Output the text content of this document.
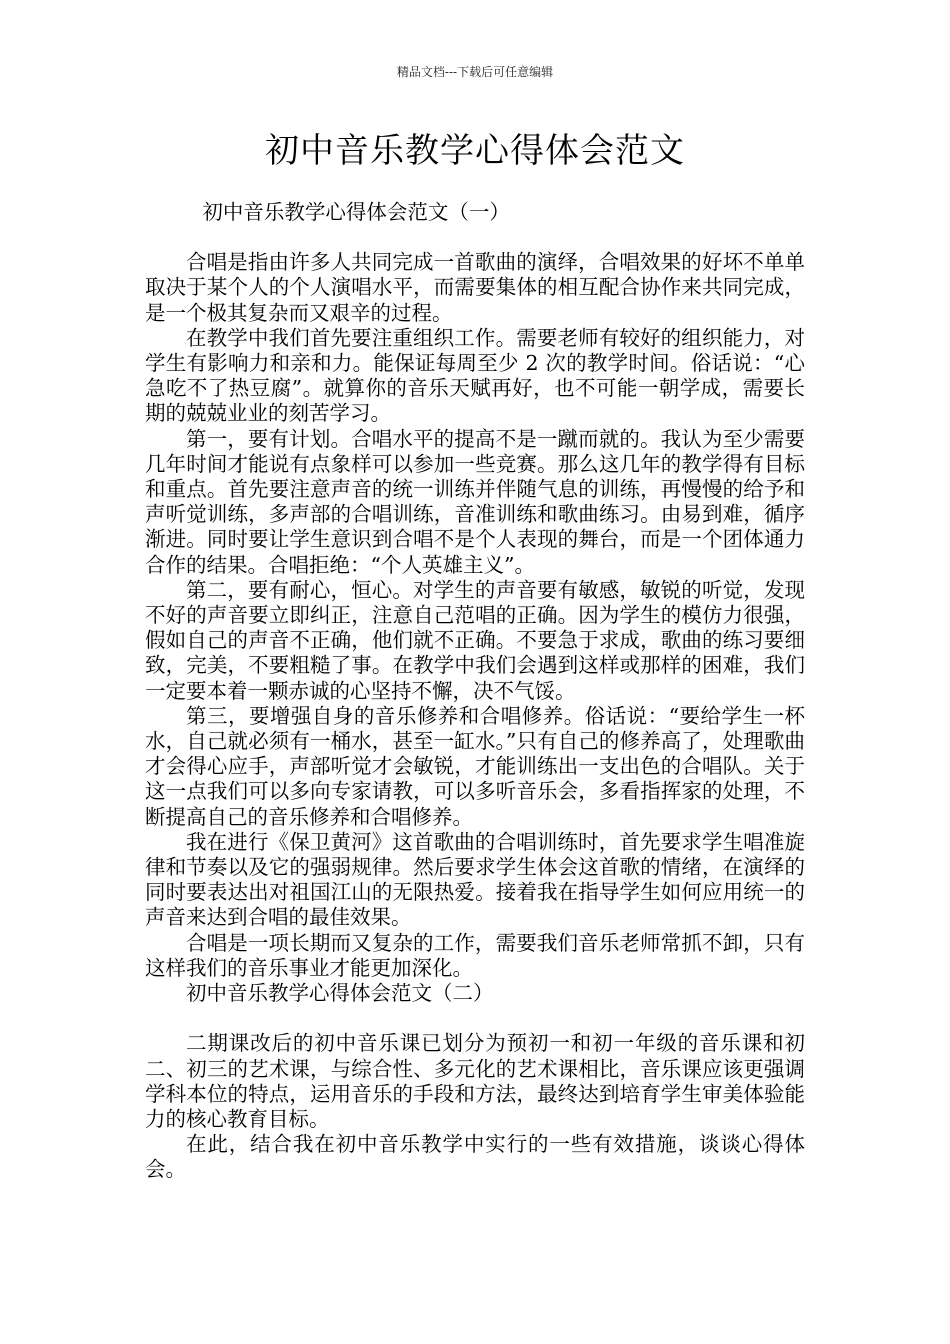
精品文档---下载后可任意编辑
初中音乐教学心得体会范文

初中音乐教学心得体会范文（一）

合唱是指由许多人共同完成一首歌曲的演绎，合唱效果的好坏不单单取决于某个人的个人演唱水平，而需要集体的相互配合协作来共同完成，是一个极其复杂而又艰辛的过程。

在教学中我们首先要注重组织工作。需要老师有较好的组织能力，对学生有影响力和亲和力。能保证每周至少 2 次的教学时间。俗话说：“心急吃不了热豆腐”。就算你的音乐天赋再好，也不可能一朝学成，需要长期的兢兢业业的刻苦学习。

第一，要有计划。合唱水平的提高不是一蹴而就的。我认为至少需要几年时间才能说有点象样可以参加一些竞赛。那么这几年的教学得有目标和重点。首先要注意声音的统一训练并伴随气息的训练，再慢慢的给予和声听觉训练，多声部的合唱训练，音准训练和歌曲练习。由易到难，循序渐进。同时要让学生意识到合唱不是个人表现的舞台，而是一个团体通力合作的结果。合唱拒绝：“个人英雄主义”。

第二，要有耐心，恒心。对学生的声音要有敏感，敏锐的听觉，发现不好的声音要立即纠正，注意自己范唱的正确。因为学生的模仿力很强，假如自己的声音不正确，他们就不正确。不要急于求成，歌曲的练习要细致，完美，不要粗糙了事。在教学中我们会遇到这样或那样的困难，我们一定要本着一颗赤诚的心坚持不懈，决不气馁。

第三，要增强自身的音乐修养和合唱修养。俗话说：“要给学生一杯水，自己就必须有一桶水，甚至一缸水。”只有自己的修养高了，处理歌曲才会得心应手，声部听觉才会敏锐，才能训练出一支出色的合唱队。关于这一点我们可以多向专家请教，可以多听音乐会，多看指挥家的处理，不断提高自己的音乐修养和合唱修养。

我在进行《保卫黄河》这首歌曲的合唱训练时，首先要求学生唱准旋律和节奏以及它的强弱规律。然后要求学生体会这首歌的情绪，在演绎的同时要表达出对祖国江山的无限热爱。接着我在指导学生如何应用统一的声音来达到合唱的最佳效果。

合唱是一项长期而又复杂的工作，需要我们音乐老师常抓不卸，只有这样我们的音乐事业才能更加深化。

初中音乐教学心得体会范文（二）

二期课改后的初中音乐课已划分为预初一和初一年级的音乐课和初二、初三的艺术课，与综合性、多元化的艺术课相比，音乐课应该更强调学科本位的特点，运用音乐的手段和方法，最终达到培育学生审美体验能力的核心教育目标。

在此，结合我在初中音乐教学中实行的一些有效措施，谈谈心得体会。
